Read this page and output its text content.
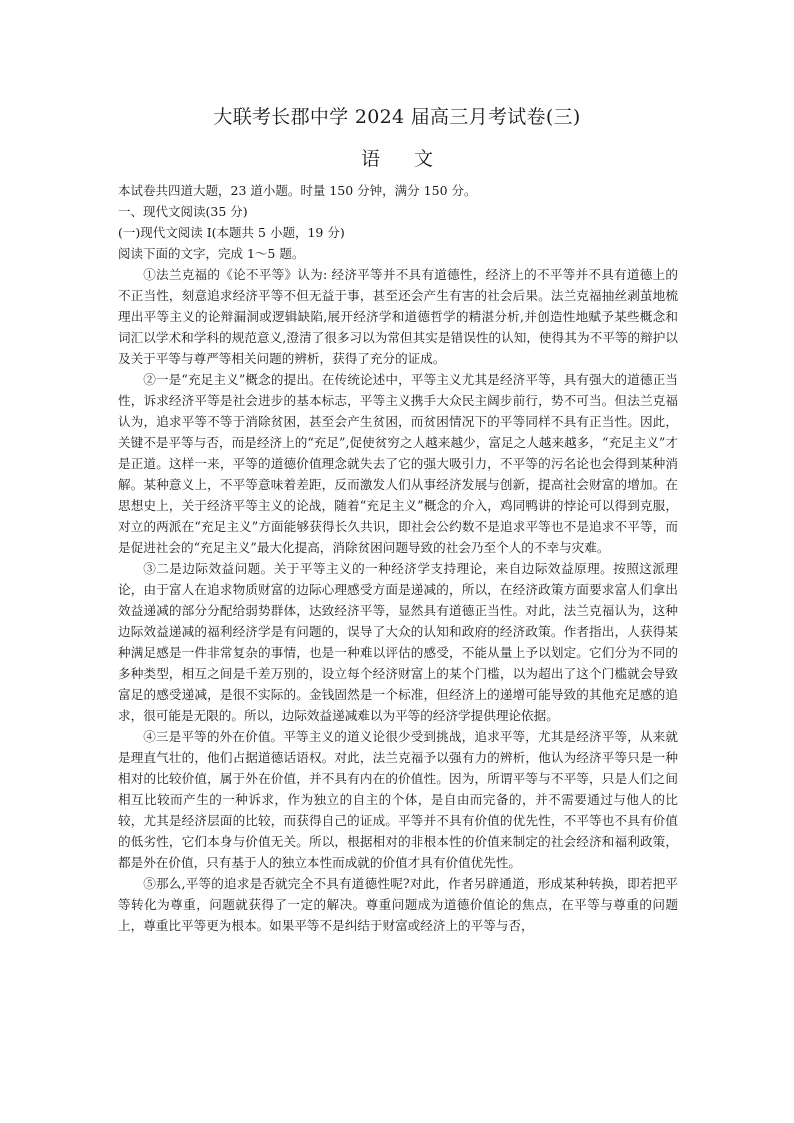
大联考长郡中学 2024 届高三月考试卷(三)
语 文
本试卷共四道大题，23 道小题。时量 150 分钟，满分 150 分。
一、现代文阅读(35 分)
(一)现代文阅读 Ⅰ(本题共 5 小题，19 分)
阅读下面的文字，完成 1～5 题。
①法兰克福的《论不平等》认为: 经济平等并不具有道德性，经济上的不平等并不具有道德上的不正当性，刻意追求经济平等不但无益于事，甚至还会产生有害的社会后果。法兰克福抽丝剥茧地梳理出平等主义的论辩漏洞或逻辑缺陷,展开经济学和道德哲学的精湛分析,并创造性地赋予某些概念和词汇以学术和学科的规范意义,澄清了很多习以为常但其实是错误性的认知，使得其为不平等的辩护以及关于平等与尊严等相关问题的辨析，获得了充分的证成。
②一是“充足主义”概念的提出。在传统论述中，平等主义尤其是经济平等，具有强大的道德正当性，诉求经济平等是社会进步的基本标志，平等主义携手大众民主阔步前行，势不可当。但法兰克福认为，追求平等不等于消除贫困，甚至会产生贫困，而贫困情况下的平等同样不具有正当性。因此，关键不是平等与否，而是经济上的“充足”,促使贫穷之人越来越少，富足之人越来越多，“充足主义”才是正道。这样一来，平等的道德价值理念就失去了它的强大吸引力，不平等的污名论也会得到某种消解。某种意义上，不平等意味着差距，反而激发人们从事经济发展与创新，提高社会财富的增加。在思想史上，关于经济平等主义的论战，随着“充足主义”概念的介入，鸡同鸭讲的悖论可以得到克服，对立的两派在“充足主义”方面能够获得长久共识，即社会公约数不是追求平等也不是追求不平等，而是促进社会的“充足主义”最大化提高，消除贫困问题导致的社会乃至个人的不幸与灾难。
③二是边际效益问题。关于平等主义的一种经济学支持理论，来自边际效益原理。按照这派理论，由于富人在追求物质财富的边际心理感受方面是递减的，所以，在经济政策方面要求富人们拿出效益递减的部分分配给弱势群体，达致经济平等，显然具有道德正当性。对此，法兰克福认为，这种边际效益递减的福利经济学是有问题的，误导了大众的认知和政府的经济政策。作者指出，人获得某种满足感是一件非常复杂的事情，也是一种难以评估的感受，不能从量上予以划定。它们分为不同的多种类型，相互之间是千差万别的，设立每个经济财富上的某个门槛，以为超出了这个门槛就会导致富足的感受递减，是很不实际的。金钱固然是一个标准，但经济上的递增可能导致的其他充足感的追求，很可能是无限的。所以，边际效益递减难以为平等的经济学提供理论依据。
④三是平等的外在价值。平等主义的道义论很少受到挑战，追求平等，尤其是经济平等，从来就是理直气壮的，他们占据道德话语权。对此，法兰克福予以强有力的辨析，他认为经济平等只是一种相对的比较价值，属于外在价值，并不具有内在的价值性。因为，所谓平等与不平等，只是人们之间相互比较而产生的一种诉求，作为独立的自主的个体，是自由而完备的，并不需要通过与他人的比较，尤其是经济层面的比较，而获得自己的证成。平等并不具有价值的优先性，不平等也不具有价值的低劣性，它们本身与价值无关。所以，根据相对的非根本性的价值来制定的社会经济和福利政策，都是外在价值，只有基于人的独立本性而成就的价值才具有价值优先性。
⑤那么,平等的追求是否就完全不具有道德性呢?对此，作者另辟通道，形成某种转换，即若把平等转化为尊重，问题就获得了一定的解决。尊重问题成为道德价值论的焦点，在平等与尊重的问题上，尊重比平等更为根本。如果平等不是纠结于财富或经济上的平等与否，
